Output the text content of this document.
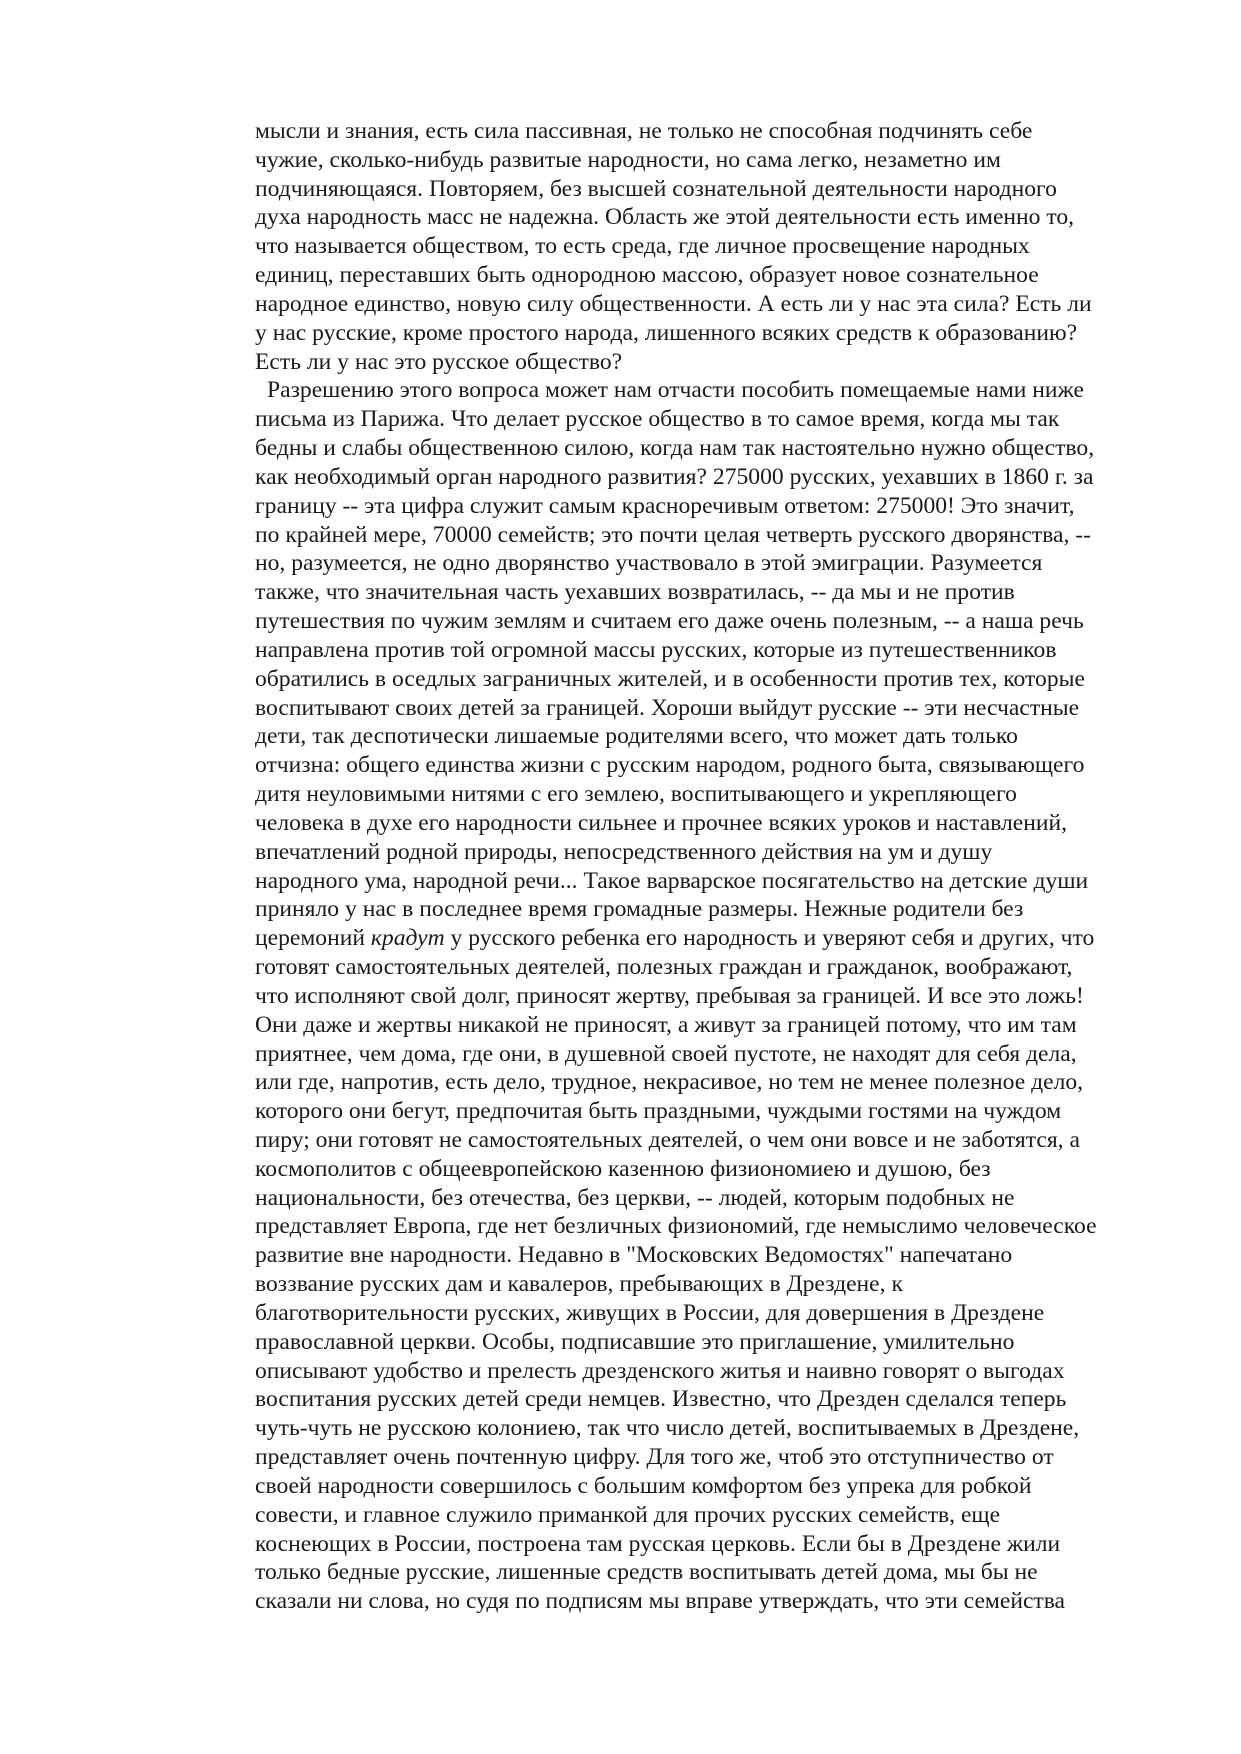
мысли и знания, есть сила пассивная, не только не способная подчинять себе
чужие, сколько-нибудь развитые народности, но сама легко, незаметно им
подчиняющаяся. Повторяем, без высшей сознательной деятельности народного
духа народность масс не надежна. Область же этой деятельности есть именно то,
что называется обществом, то есть среда, где личное просвещение народных
единиц, переставших быть однородною массою, образует новое сознательное
народное единство, новую силу общественности. А есть ли у нас эта сила? Есть ли
у нас русские, кроме простого народа, лишенного всяких средств к образованию?
Есть ли у нас это русское общество?
Разрешению этого вопроса может нам отчасти пособить помещаемые нами ниже
письма из Парижа. Что делает русское общество в то самое время, когда мы так
бедны и слабы общественною силою, когда нам так настоятельно нужно общество,
как необходимый орган народного развития? 275000 русских, уехавших в 1860 г. за
границу -- эта цифра служит самым красноречивым ответом: 275000! Это значит,
по крайней мере, 70000 семейств; это почти целая четверть русского дворянства, --
но, разумеется, не одно дворянство участвовало в этой эмиграции. Разумеется
также, что значительная часть уехавших возвратилась, -- да мы и не против
путешествия по чужим землям и считаем его даже очень полезным, -- а наша речь
направлена против той огромной массы русских, которые из путешественников
обратились в оседлых заграничных жителей, и в особенности против тех, которые
воспитывают своих детей за границей. Хороши выйдут русские -- эти несчастные
дети, так деспотически лишаемые родителями всего, что может дать только
отчизна: общего единства жизни с русским народом, родного быта, связывающего
дитя неуловимыми нитями с его землею, воспитывающего и укрепляющего
человека в духе его народности сильнее и прочнее всяких уроков и наставлений,
впечатлений родной природы, непосредственного действия на ум и душу
народного ума, народной речи... Такое варварское посягательство на детские души
приняло у нас в последнее время громадные размеры. Нежные родители без
церемоний крадут у русского ребенка его народность и уверяют себя и других, что
готовят самостоятельных деятелей, полезных граждан и гражданок, воображают,
что исполняют свой долг, приносят жертву, пребывая за границей. И все это ложь!
Они даже и жертвы никакой не приносят, а живут за границей потому, что им там
приятнее, чем дома, где они, в душевной своей пустоте, не находят для себя дела,
или где, напротив, есть дело, трудное, некрасивое, но тем не менее полезное дело,
которого они бегут, предпочитая быть праздными, чуждыми гостями на чуждом
пиру; они готовят не самостоятельных деятелей, о чем они вовсе и не заботятся, а
космополитов с общеевропейскою казенною физиономиею и душою, без
национальности, без отечества, без церкви, -- людей, которым подобных не
представляет Европа, где нет безличных физиономий, где немыслимо человеческое
развитие вне народности. Недавно в "Московских Ведомостях" напечатано
воззвание русских дам и кавалеров, пребывающих в Дрездене, к
благотворительности русских, живущих в России, для довершения в Дрездене
православной церкви. Особы, подписавшие это приглашение, умилительно
описывают удобство и прелесть дрезденского житья и наивно говорят о выгодах
воспитания русских детей среди немцев. Известно, что Дрезден сделался теперь
чуть-чуть не русскою колониею, так что число детей, воспитываемых в Дрездене,
представляет очень почтенную цифру. Для того же, чтоб это отступничество от
своей народности совершилось с большим комфортом без упрека для робкой
совести, и главное служило приманкой для прочих русских семейств, еще
коснеющих в России, построена там русская церковь. Если бы в Дрездене жили
только бедные русские, лишенные средств воспитывать детей дома, мы бы не
сказали ни слова, но судя по подписям мы вправе утверждать, что эти семейства
